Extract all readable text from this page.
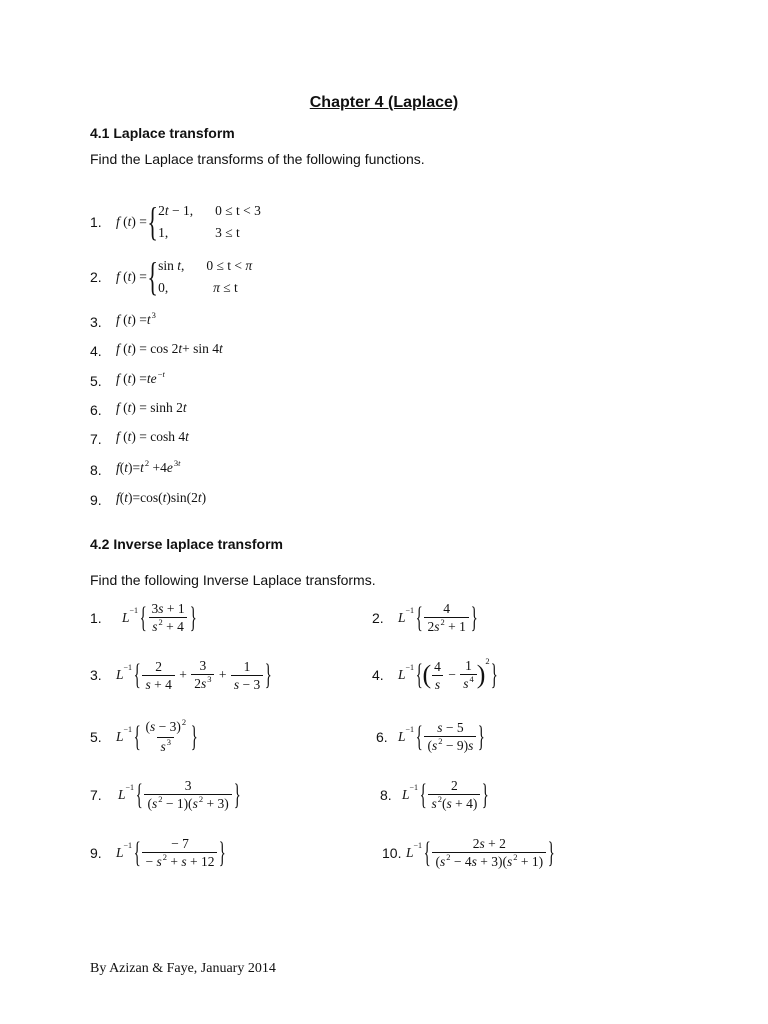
Chapter 4 (Laplace)
4.1 Laplace transform
Find the Laplace transforms of the following functions.
1. f ( t ) = { 2t − 1, 0 ≤ t < 3
1,	3 ≤ t
2. f ( t ) = { sin t, 0 ≤ t < π
0,	π ≤ t
3. f ( t ) = $t^3$
4. f ( t ) = cos 2 t + sin 4 t
5. f ( t ) = $te^{-t}$
6. f ( t ) = sinh 2 t
7. f ( t ) = cosh 4 t
8. f ( t )= $t^2 +4$ $e^{3t}$
9. f ( t )=cos( t )sin(2 t )
4.2 Inverse laplace transform
Find the following Inverse Laplace transforms.
1. L −1 { $\frac{3s + 1}{s^2 + 4}$ }	2. L −1 { $\frac{4}{2s^2 + 1}$ }
3. L −1 { $\frac{2}{s + 4} + \frac{3}{2s^3} + \frac{1}{s - 3}$ }	4. L −1 { ( $\frac{4}{s} - \frac{1}{s^4} )^2$ }
5. L −1 { $\frac{(s - 3)^2}{s^3}$ }	6. L −1 { $\frac{s - 5}{(s^2 - 9)s}$ }
7. L −1 { $\frac{3}{(s^2 - 1)(s^2 + 3)}$ }	8. L −1 { $\frac{2}{s^2(s + 4)}$ }
9. L −1 { $\frac{- 7}{- s^2 + s + 12}$ }	10. L −1 { $\frac{2s + 2}{(s^2 - 4s + 3)(s^2 + 1)}$ }
By Azizan & Faye, January 2014
